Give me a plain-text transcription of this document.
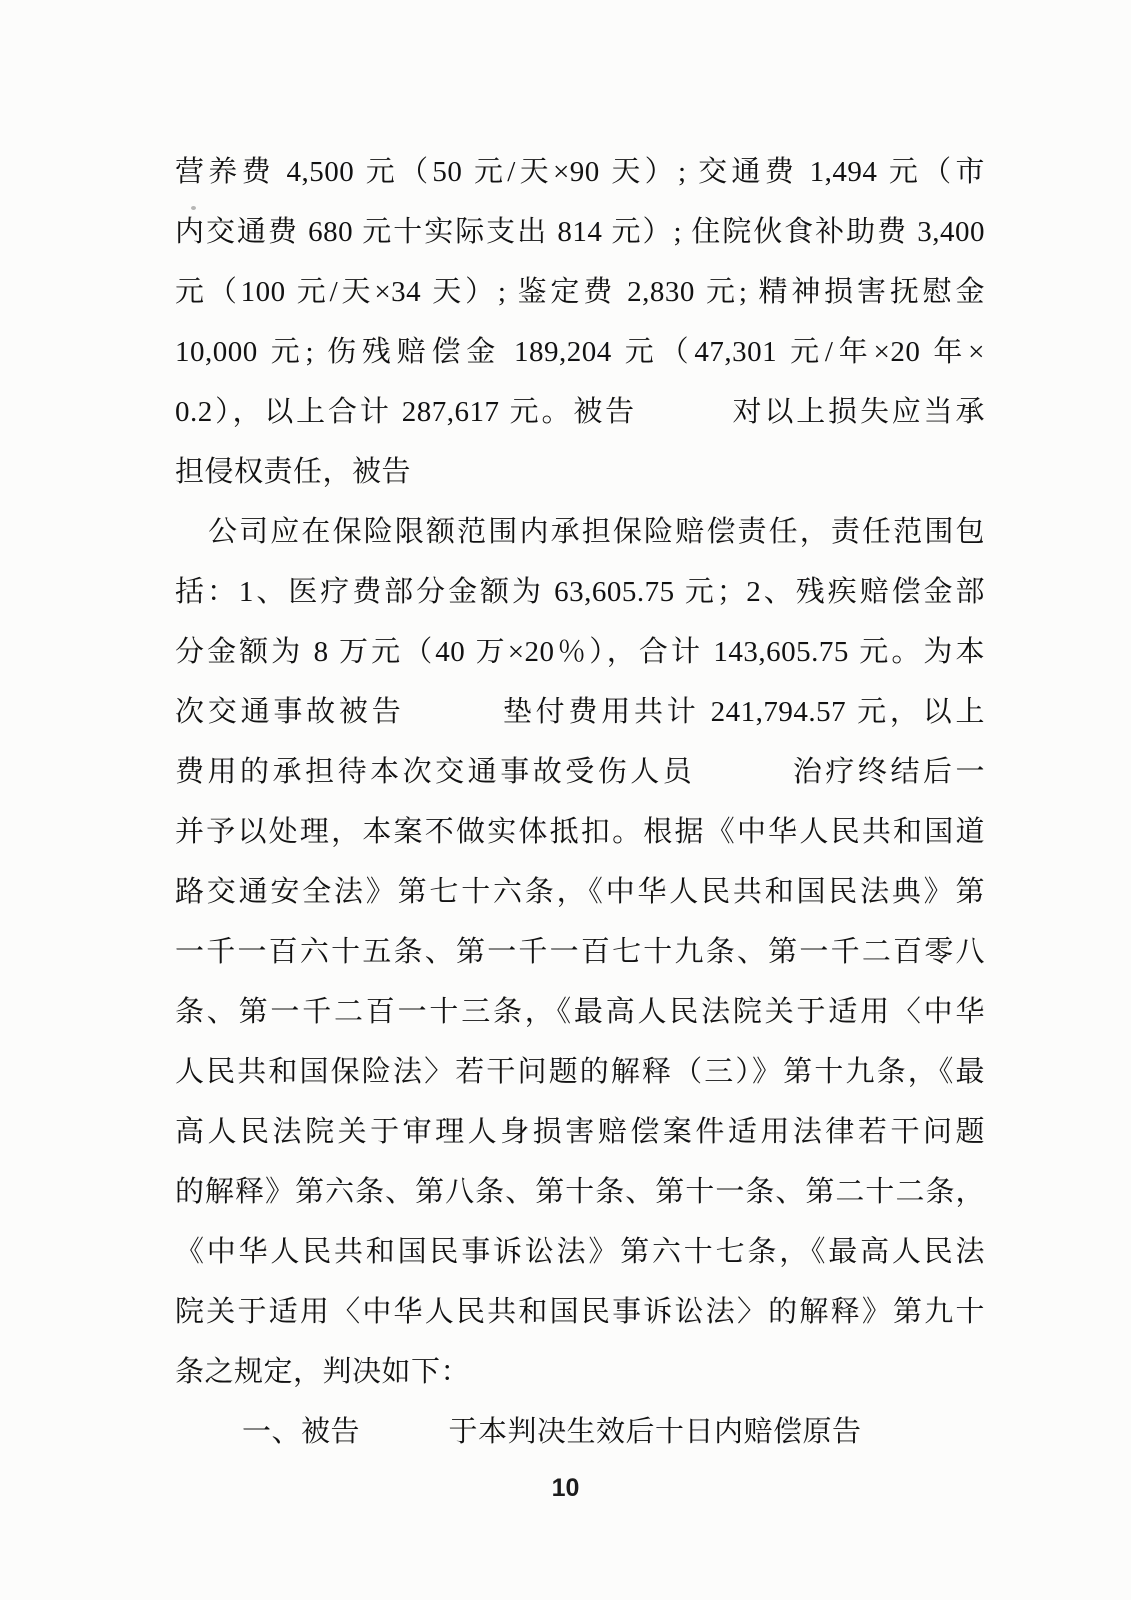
营养费 4,500 元（50 元/天×90 天）; 交通费 1,494 元（市
内交通费 680 元十实际支出 814 元）; 住院伙食补助费 3,400
元（100 元/天×34 天）; 鉴定费 2,830 元; 精神损害抚慰金
10,000 元; 伤残赔偿金 189,204 元（47,301 元/年×20 年×
0.2），以上合计 287,617 元。被告　　　对以上损失应当承
担侵权责任，被告
公司应在保险限额范围内承担保险赔偿责任，责任范围包
括：1、医疗费部分金额为 63,605.75 元；2、残疾赔偿金部
分金额为 8 万元（40 万×20％），合计 143,605.75 元。为本
次交通事故被告　　　垫付费用共计 241,794.57 元，以上
费用的承担待本次交通事故受伤人员　　　治疗终结后一
并予以处理，本案不做实体抵扣。根据《中华人民共和国道
路交通安全法》第七十六条，《中华人民共和国民法典》第
一千一百六十五条、第一千一百七十九条、第一千二百零八
条、第一千二百一十三条，《最高人民法院关于适用〈中华
人民共和国保险法〉若干问题的解释（三）》第十九条，《最
高人民法院关于审理人身损害赔偿案件适用法律若干问题
的解释》第六条、第八条、第十条、第十一条、第二十二条，
《中华人民共和国民事诉讼法》第六十七条，《最高人民法
院关于适用〈中华人民共和国民事诉讼法〉的解释》第九十
条之规定，判决如下：
一、被告　　　于本判决生效后十日内赔偿原告
10
